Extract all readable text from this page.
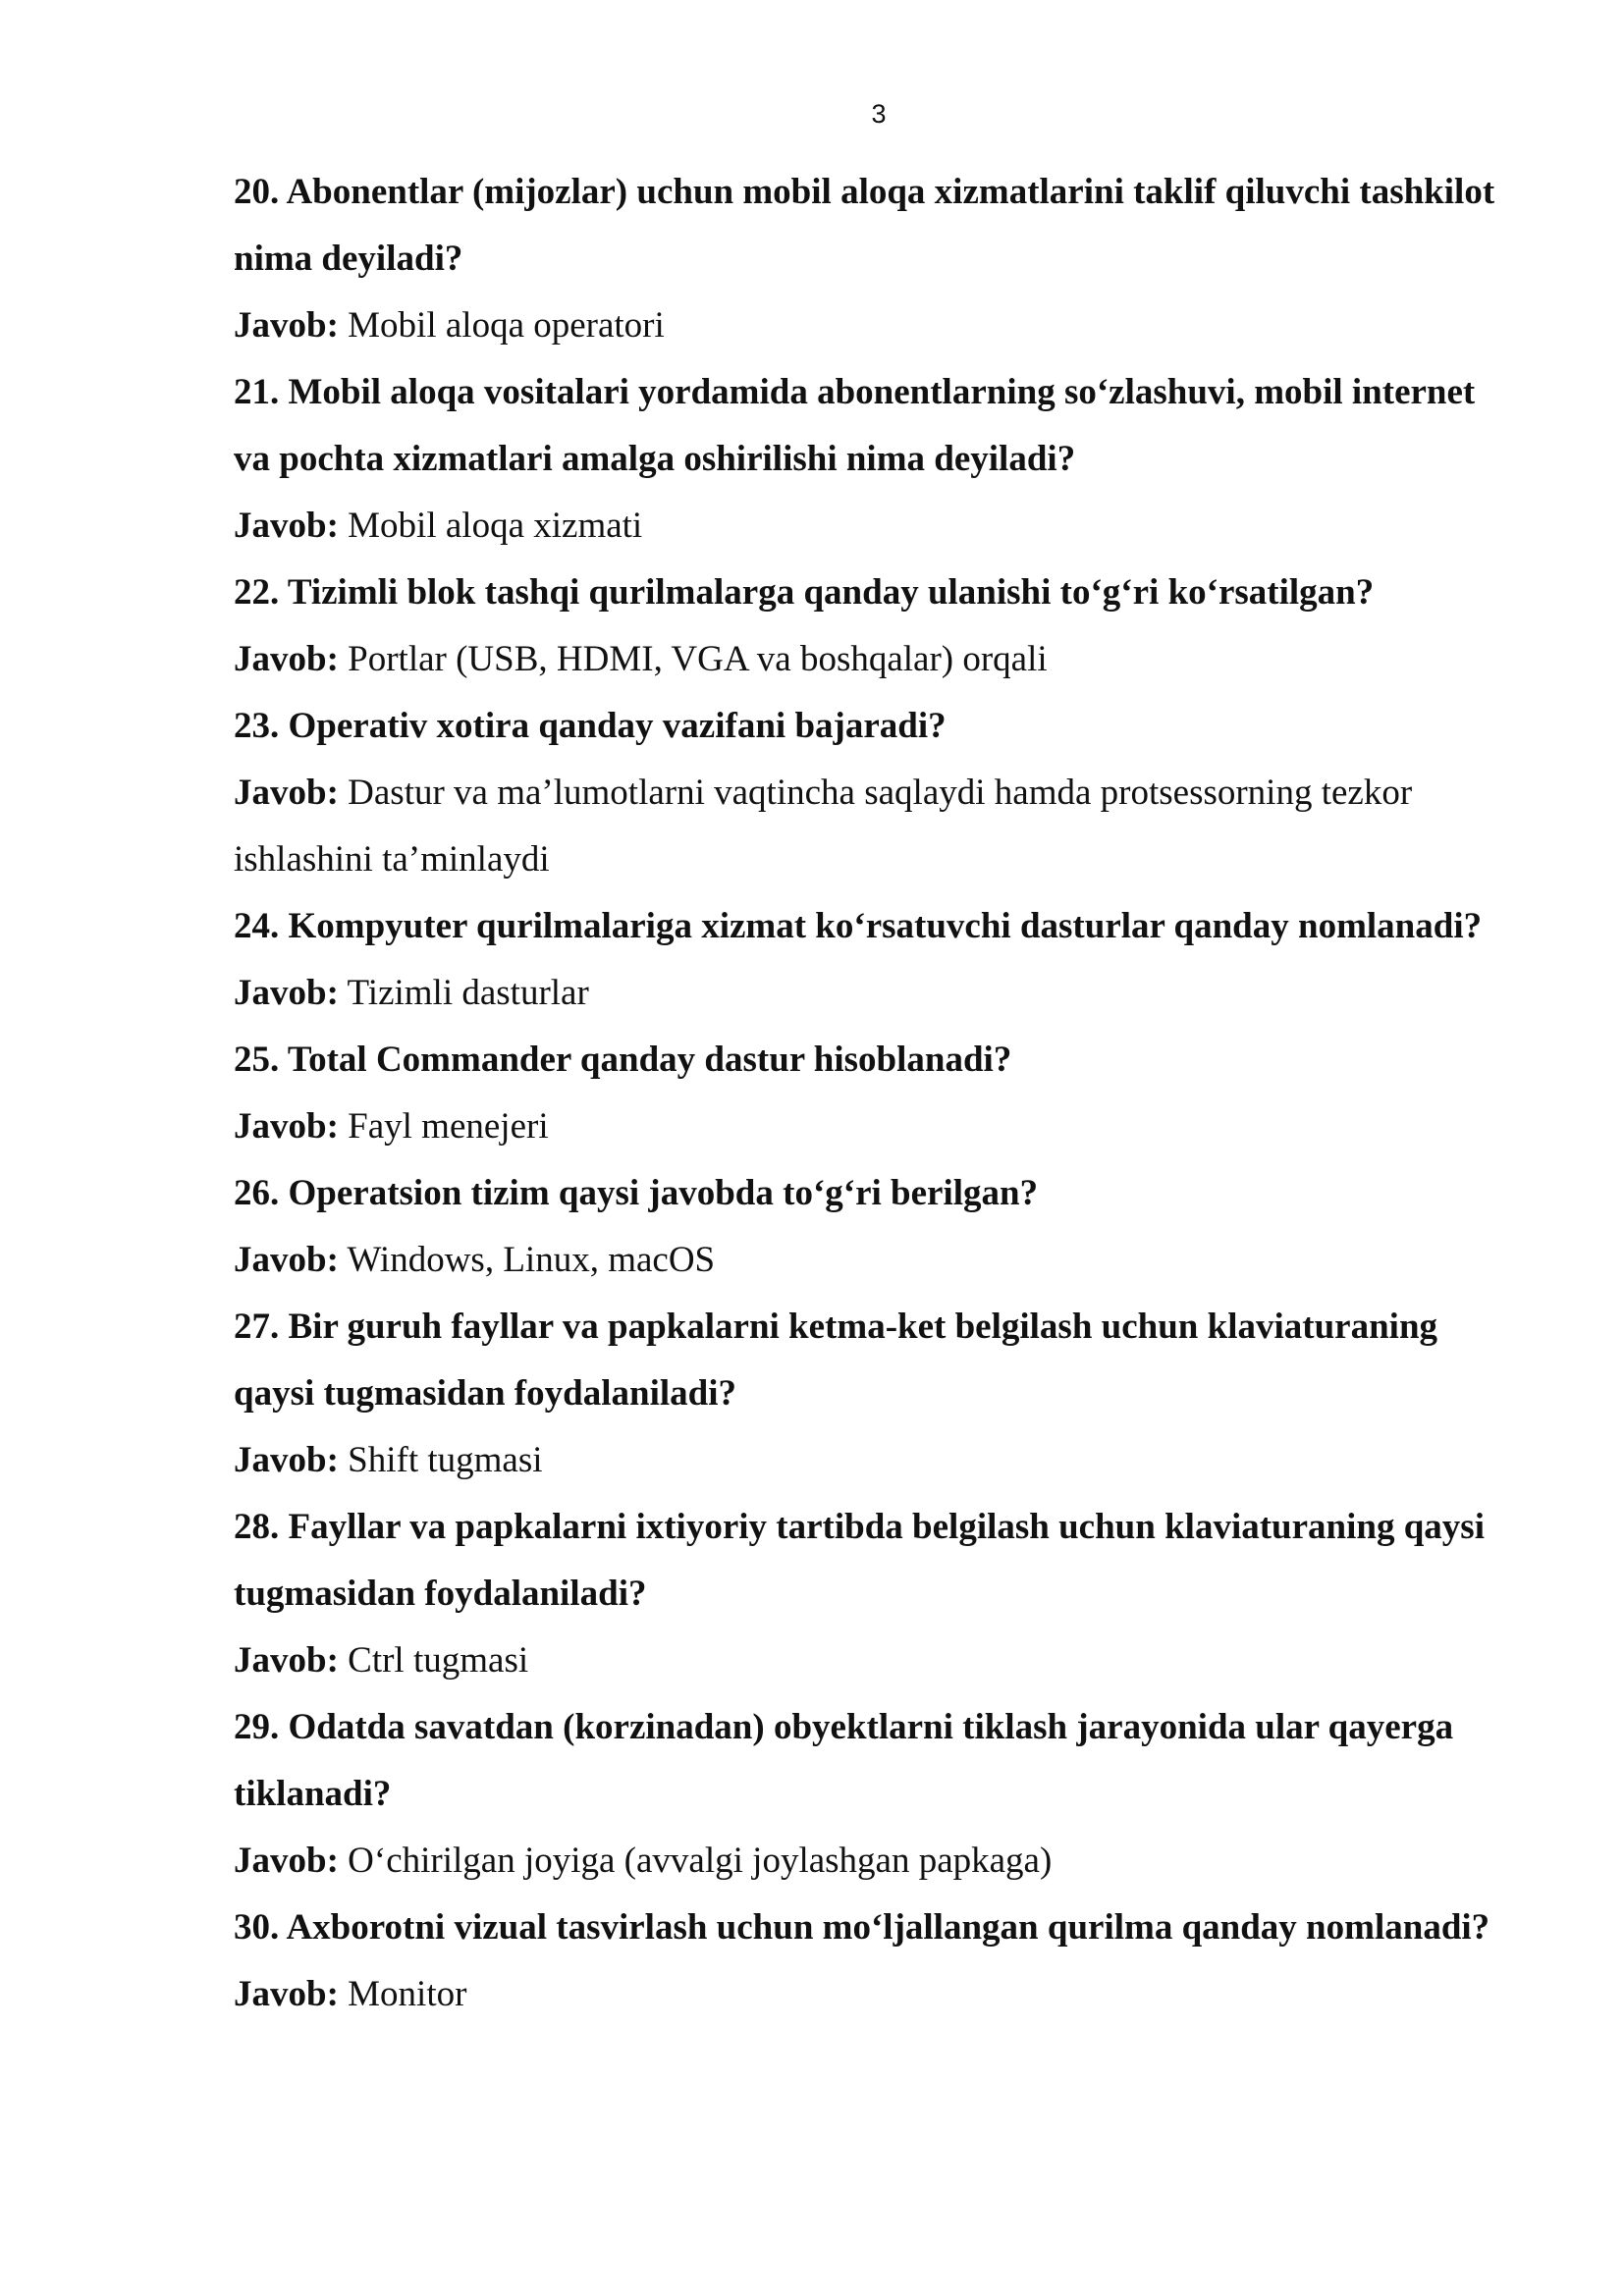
3

20. Abonentlar (mijozlar) uchun mobil aloqa xizmatlarini taklif qiluvchi tashkilot nima deyiladi?

Javob: Mobil aloqa operatori

21. Mobil aloqa vositalari yordamida abonentlarning so‘zlashuvi, mobil internet va pochta xizmatlari amalga oshirilishi nima deyiladi?

Javob: Mobil aloqa xizmati

22. Tizimli blok tashqi qurilmalarga qanday ulanishi to‘g‘ri ko‘rsatilgan?

Javob: Portlar (USB, HDMI, VGA va boshqalar) orqali

23. Operativ xotira qanday vazifani bajaradi?

Javob: Dastur va ma’lumotlarni vaqtincha saqlaydi hamda protsessorning tezkor ishlashini ta’minlaydi

24. Kompyuter qurilmalariga xizmat ko‘rsatuvchi dasturlar qanday nomlanadi?

Javob: Tizimli dasturlar

25. Total Commander qanday dastur hisoblanadi?

Javob: Fayl menejeri

26. Operatsion tizim qaysi javobda to‘g‘ri berilgan?

Javob: Windows, Linux, macOS

27. Bir guruh fayllar va papkalarni ketma-ket belgilash uchun klaviaturaning qaysi tugmasidan foydalaniladi?

Javob: Shift tugmasi

28. Fayllar va papkalarni ixtiyoriy tartibda belgilash uchun klaviaturaning qaysi tugmasidan foydalaniladi?

Javob: Ctrl tugmasi

29. Odatda savatdan (korzinadan) obyektlarni tiklash jarayonida ular qayerga tiklanadi?

Javob: O‘chirilgan joyiga (avvalgi joylashgan papkaga)

30. Axborotni vizual tasvirlash uchun mo‘ljallangan qurilma qanday nomlanadi?

Javob: Monitor
